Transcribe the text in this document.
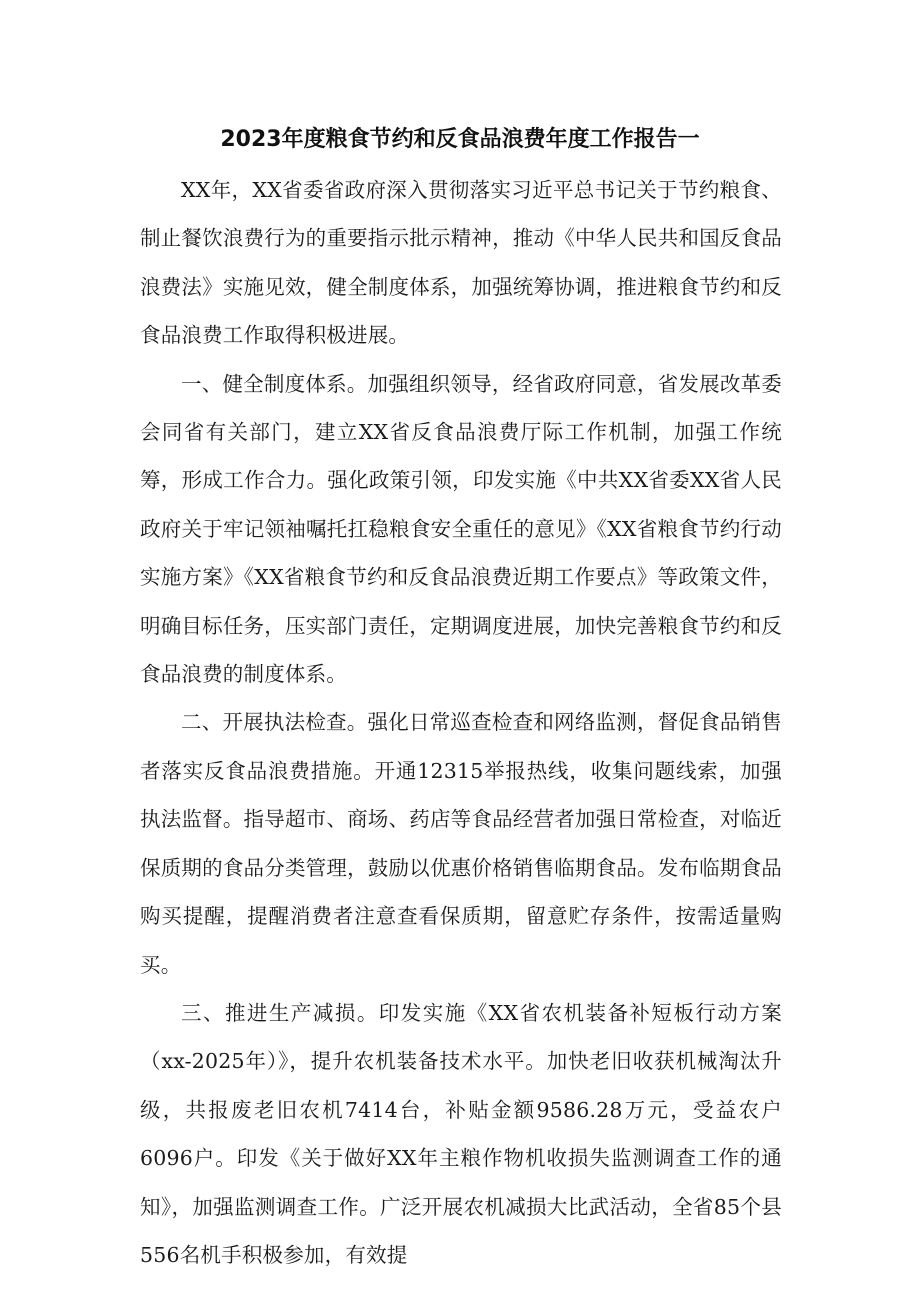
2023年度粮食节约和反食品浪费年度工作报告一

XX年，XX省委省政府深入贯彻落实习近平总书记关于节约粮食、制止餐饮浪费行为的重要指示批示精神，推动《中华人民共和国反食品浪费法》实施见效，健全制度体系，加强统筹协调，推进粮食节约和反食品浪费工作取得积极进展。

一、健全制度体系。加强组织领导，经省政府同意，省发展改革委会同省有关部门，建立XX省反食品浪费厅际工作机制，加强工作统筹，形成工作合力。强化政策引领，印发实施《中共XX省委XX省人民政府关于牢记领袖嘱托扛稳粮食安全重任的意见》《XX省粮食节约行动实施方案》《XX省粮食节约和反食品浪费近期工作要点》等政策文件，明确目标任务，压实部门责任，定期调度进展，加快完善粮食节约和反食品浪费的制度体系。

二、开展执法检查。强化日常巡查检查和网络监测，督促食品销售者落实反食品浪费措施。开通12315举报热线，收集问题线索，加强执法监督。指导超市、商场、药店等食品经营者加强日常检查，对临近保质期的食品分类管理，鼓励以优惠价格销售临期食品。发布临期食品购买提醒，提醒消费者注意查看保质期，留意贮存条件，按需适量购买。

三、推进生产减损。印发实施《XX省农机装备补短板行动方案（xx-2025年）》，提升农机装备技术水平。加快老旧收获机械淘汰升级，共报废老旧农机7414台，补贴金额9586.28万元，受益农户6096户。印发《关于做好XX年主粮作物机收损失监测调查工作的通知》，加强监测调查工作。广泛开展农机减损大比武活动，全省85个县556名机手积极参加，有效提
